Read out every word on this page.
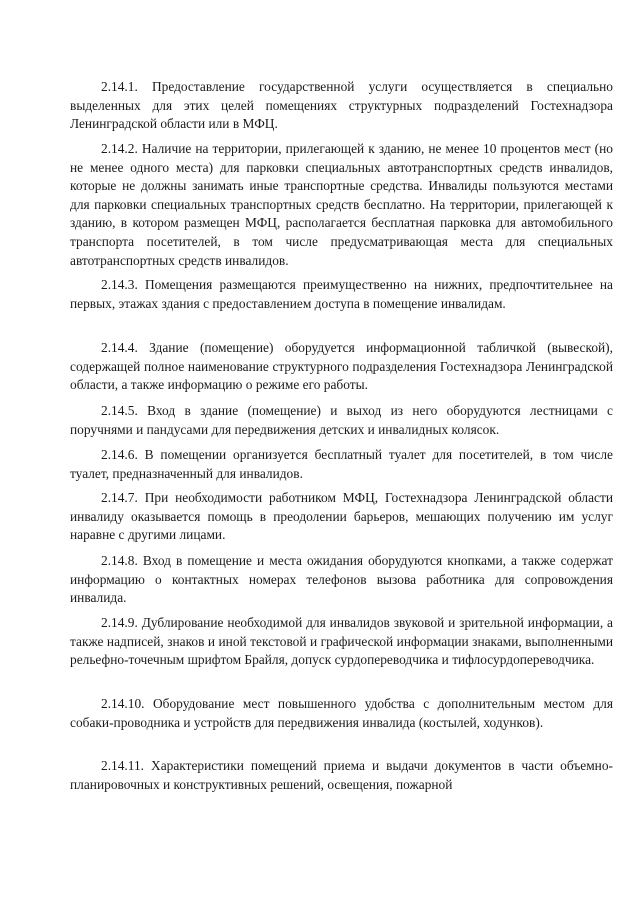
2.14.1. Предоставление государственной услуги осуществляется в специально выделенных для этих целей помещениях структурных подразделений Гостехнадзора Ленинградской области или в МФЦ.

2.14.2. Наличие на территории, прилегающей к зданию, не менее 10 процентов мест (но не менее одного места) для парковки специальных автотранспортных средств инвалидов, которые не должны занимать иные транспортные средства. Инвалиды пользуются местами для парковки специальных транспортных средств бесплатно. На территории, прилегающей к зданию, в котором размещен МФЦ, располагается бесплатная парковка для автомобильного транспорта посетителей, в том числе предусматривающая места для специальных автотранспортных средств инвалидов.

2.14.3. Помещения размещаются преимущественно на нижних, предпочтительнее на первых, этажах здания с предоставлением доступа в помещение инвалидам.

2.14.4. Здание (помещение) оборудуется информационной табличкой (вывеской), содержащей полное наименование структурного подразделения Гостехнадзора Ленинградской области, а также информацию о режиме его работы.

2.14.5. Вход в здание (помещение) и выход из него оборудуются лестницами с поручнями и пандусами для передвижения детских и инвалидных колясок.

2.14.6. В помещении организуется бесплатный туалет для посетителей, в том числе туалет, предназначенный для инвалидов.

2.14.7. При необходимости работником МФЦ, Гостехнадзора Ленинградской области инвалиду оказывается помощь в преодолении барьеров, мешающих получению им услуг наравне с другими лицами.

2.14.8. Вход в помещение и места ожидания оборудуются кнопками, а также содержат информацию о контактных номерах телефонов вызова работника для сопровождения инвалида.

2.14.9. Дублирование необходимой для инвалидов звуковой и зрительной информации, а также надписей, знаков и иной текстовой и графической информации знаками, выполненными рельефно-точечным шрифтом Брайля, допуск сурдопереводчика и тифлосурдопереводчика.

2.14.10. Оборудование мест повышенного удобства с дополнительным местом для собаки-проводника и устройств для передвижения инвалида (костылей, ходунков).

2.14.11. Характеристики помещений приема и выдачи документов в части объемно-планировочных и конструктивных решений, освещения, пожарной
